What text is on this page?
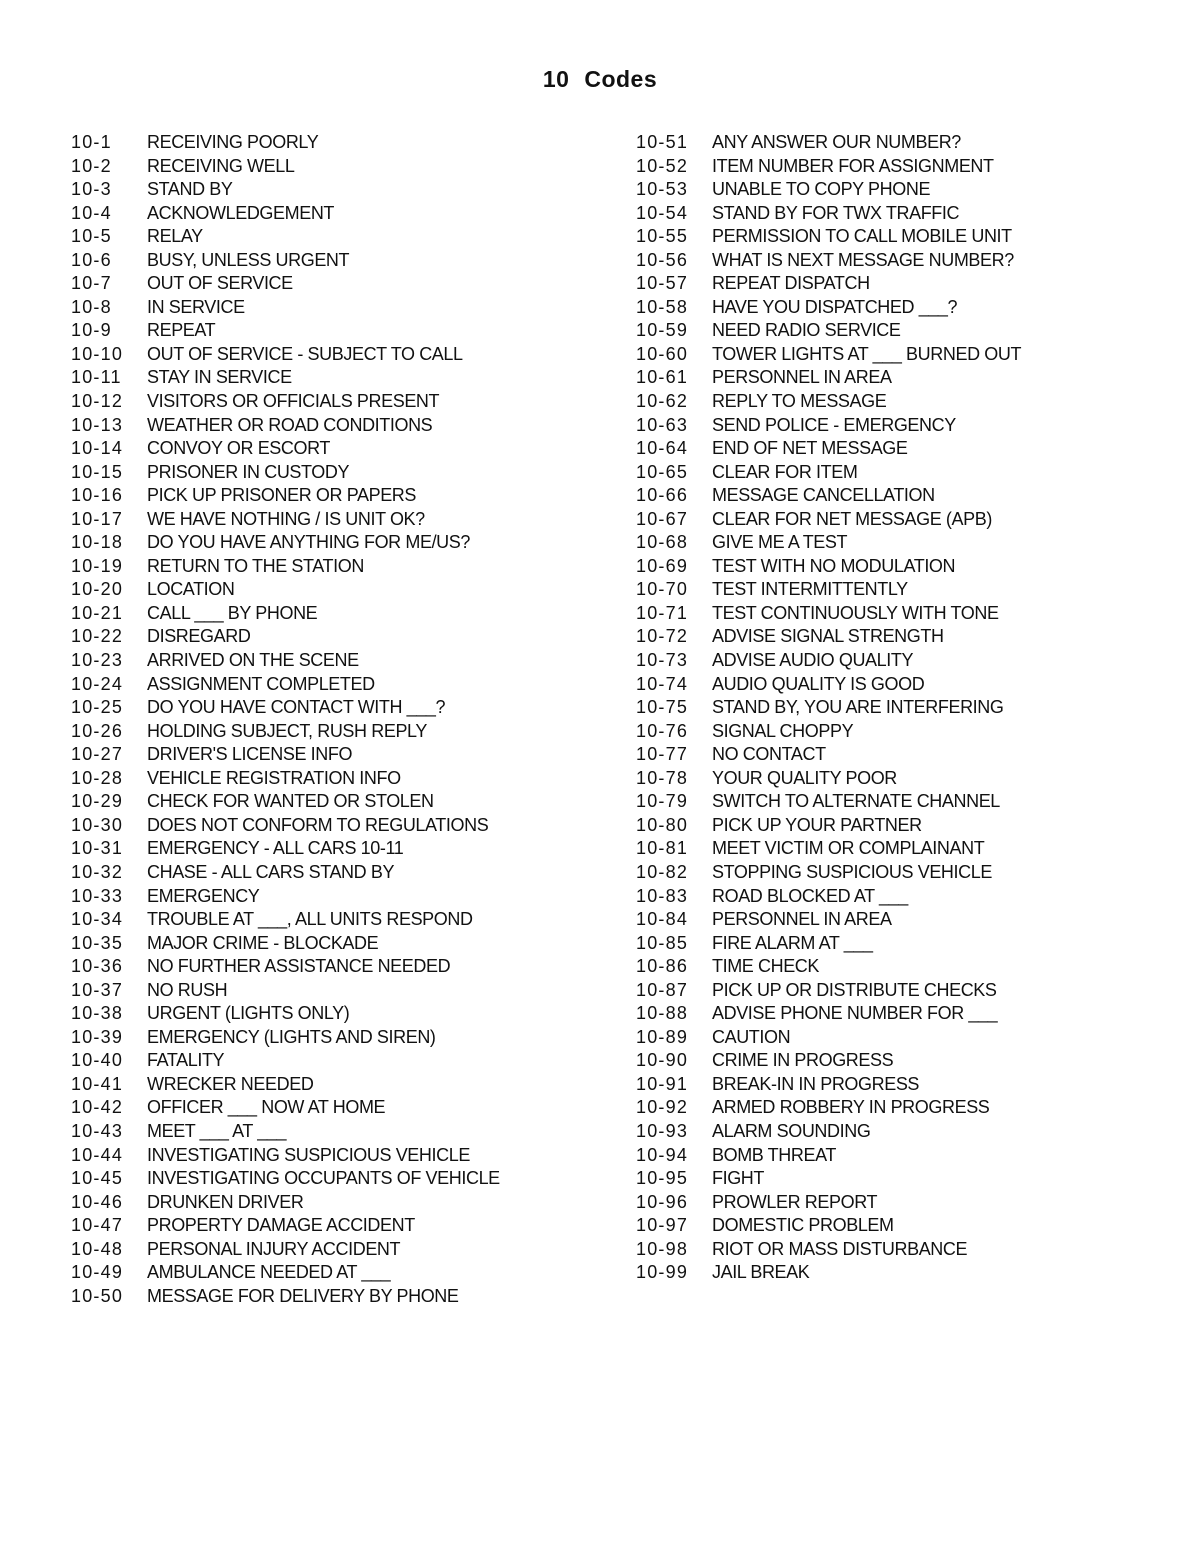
10 Codes
10-1	RECEIVING POORLY
10-2	RECEIVING WELL
10-3	STAND BY
10-4	ACKNOWLEDGEMENT
10-5	RELAY
10-6	BUSY, UNLESS URGENT
10-7	OUT OF SERVICE
10-8	IN SERVICE
10-9	REPEAT
10-10	OUT OF SERVICE - SUBJECT TO CALL
10-11	STAY IN SERVICE
10-12	VISITORS OR OFFICIALS PRESENT
10-13	WEATHER OR ROAD CONDITIONS
10-14	CONVOY OR ESCORT
10-15	PRISONER IN CUSTODY
10-16	PICK UP PRISONER OR PAPERS
10-17	WE HAVE NOTHING / IS UNIT OK?
10-18	DO YOU HAVE ANYTHING FOR ME/US?
10-19	RETURN TO THE STATION
10-20	LOCATION
10-21	CALL ___ BY PHONE
10-22	DISREGARD
10-23	ARRIVED ON THE SCENE
10-24	ASSIGNMENT COMPLETED
10-25	DO YOU HAVE CONTACT WITH ___?
10-26	HOLDING SUBJECT, RUSH REPLY
10-27	DRIVER'S LICENSE INFO
10-28	VEHICLE REGISTRATION INFO
10-29	CHECK FOR WANTED OR STOLEN
10-30	DOES NOT CONFORM TO REGULATIONS
10-31	EMERGENCY - ALL CARS 10-11
10-32	CHASE - ALL CARS STAND BY
10-33	EMERGENCY
10-34	TROUBLE AT ___, ALL UNITS RESPOND
10-35	MAJOR CRIME - BLOCKADE
10-36	NO FURTHER ASSISTANCE NEEDED
10-37	NO RUSH
10-38	URGENT (LIGHTS ONLY)
10-39	EMERGENCY (LIGHTS AND SIREN)
10-40	FATALITY
10-41	WRECKER NEEDED
10-42	OFFICER ___ NOW AT HOME
10-43	MEET ___ AT ___
10-44	INVESTIGATING SUSPICIOUS VEHICLE
10-45	INVESTIGATING OCCUPANTS OF VEHICLE
10-46	DRUNKEN DRIVER
10-47	PROPERTY DAMAGE ACCIDENT
10-48	PERSONAL INJURY ACCIDENT
10-49	AMBULANCE NEEDED AT ___
10-50	MESSAGE FOR DELIVERY BY PHONE
10-51	ANY ANSWER OUR NUMBER?
10-52	ITEM NUMBER FOR ASSIGNMENT
10-53	UNABLE TO COPY PHONE
10-54	STAND BY FOR TWX TRAFFIC
10-55	PERMISSION TO CALL MOBILE UNIT
10-56	WHAT IS NEXT MESSAGE NUMBER?
10-57	REPEAT DISPATCH
10-58	HAVE YOU DISPATCHED ___?
10-59	NEED RADIO SERVICE
10-60	TOWER LIGHTS AT ___ BURNED OUT
10-61	PERSONNEL IN AREA
10-62	REPLY TO MESSAGE
10-63	SEND POLICE - EMERGENCY
10-64	END OF NET MESSAGE
10-65	CLEAR FOR ITEM
10-66	MESSAGE CANCELLATION
10-67	CLEAR FOR NET MESSAGE (APB)
10-68	GIVE ME A TEST
10-69	TEST WITH NO MODULATION
10-70	TEST INTERMITTENTLY
10-71	TEST CONTINUOUSLY WITH TONE
10-72	ADVISE SIGNAL STRENGTH
10-73	ADVISE AUDIO QUALITY
10-74	AUDIO QUALITY IS GOOD
10-75	STAND BY, YOU ARE INTERFERING
10-76	SIGNAL CHOPPY
10-77	NO CONTACT
10-78	YOUR QUALITY POOR
10-79	SWITCH TO ALTERNATE CHANNEL
10-80	PICK UP YOUR PARTNER
10-81	MEET VICTIM OR COMPLAINANT
10-82	STOPPING SUSPICIOUS VEHICLE
10-83	ROAD BLOCKED AT ___
10-84	PERSONNEL IN AREA
10-85	FIRE ALARM AT ___
10-86	TIME CHECK
10-87	PICK UP OR DISTRIBUTE CHECKS
10-88	ADVISE PHONE NUMBER FOR ___
10-89	CAUTION
10-90	CRIME IN PROGRESS
10-91	BREAK-IN IN PROGRESS
10-92	ARMED ROBBERY IN PROGRESS
10-93	ALARM SOUNDING
10-94	BOMB THREAT
10-95	FIGHT
10-96	PROWLER REPORT
10-97	DOMESTIC PROBLEM
10-98	RIOT OR MASS DISTURBANCE
10-99	JAIL BREAK
